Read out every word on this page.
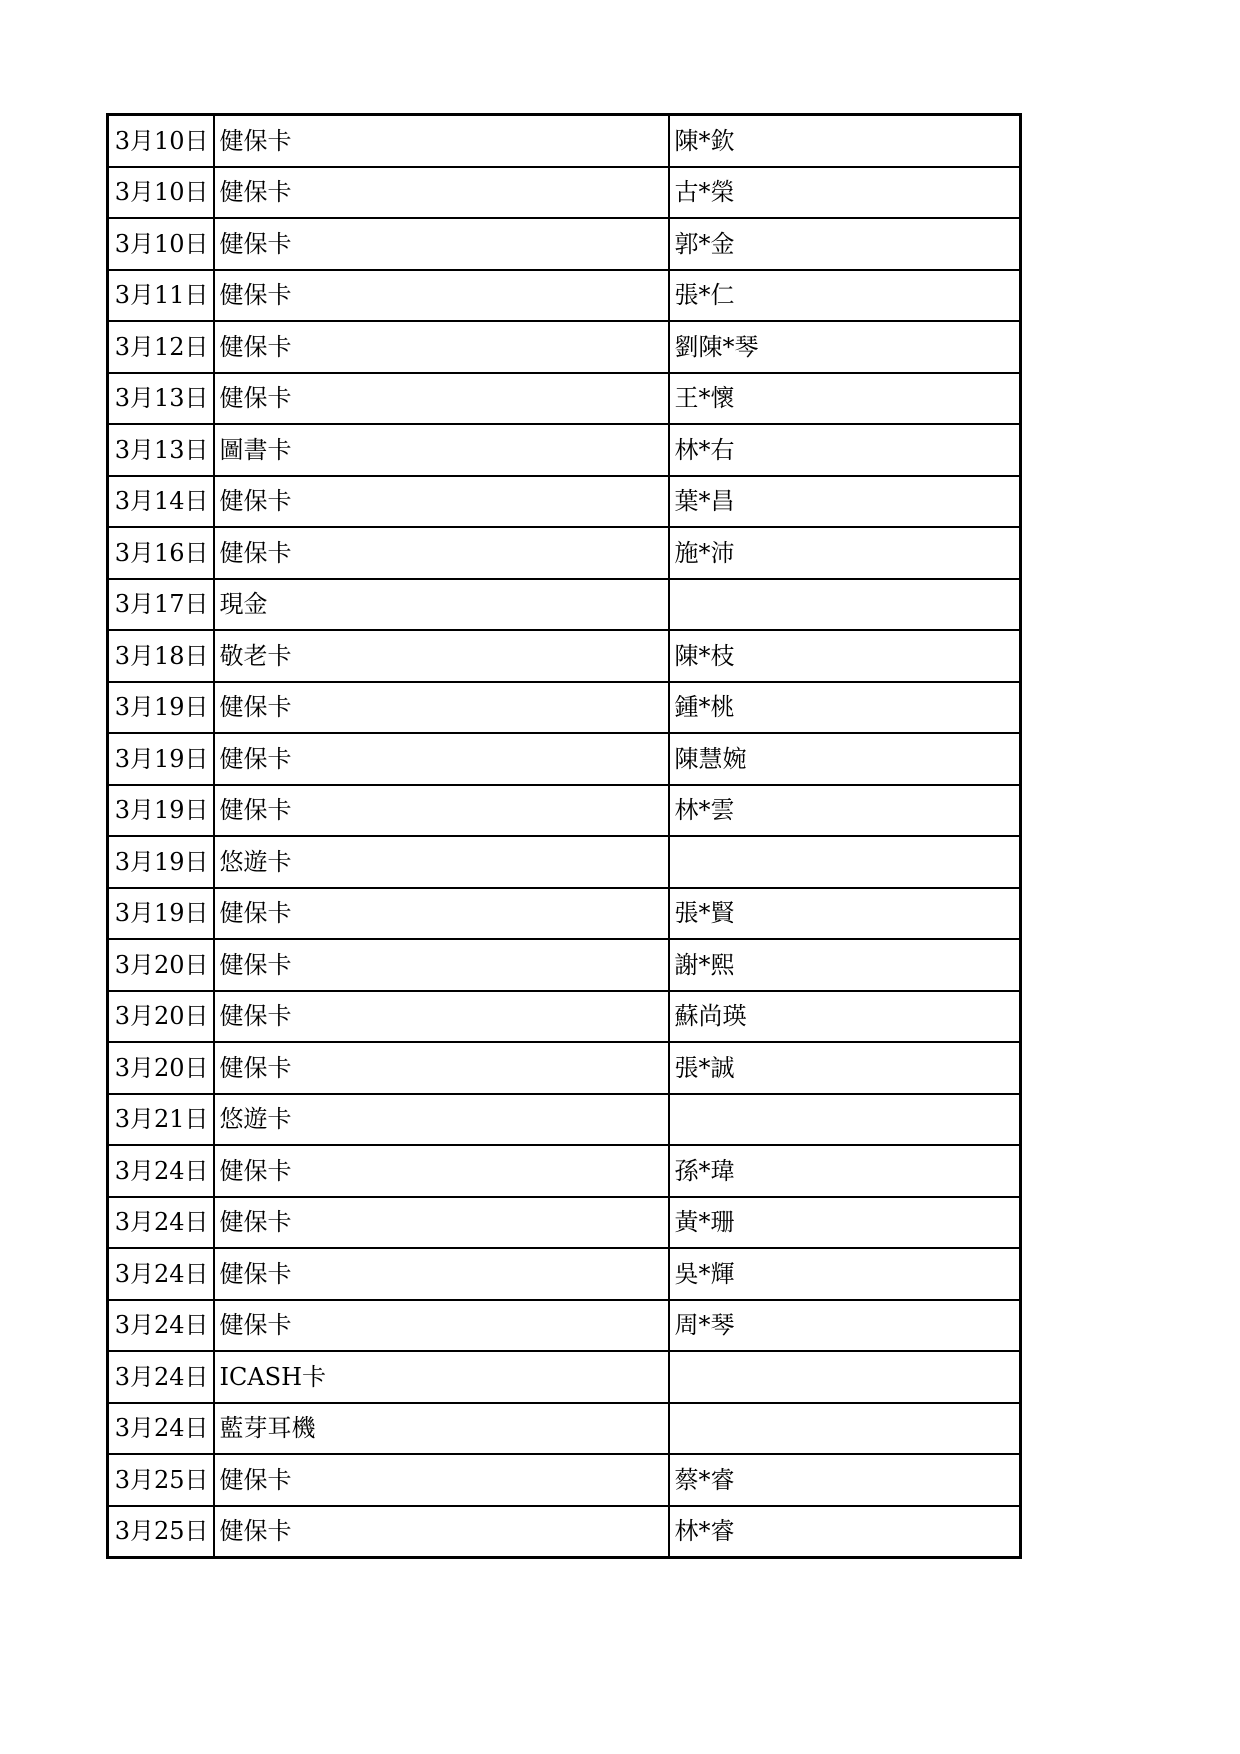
3月10日	健保卡	陳*欽
3月10日	健保卡	古*榮
3月10日	健保卡	郭*金
3月11日	健保卡	張*仁
3月12日	健保卡	劉陳*琴
3月13日	健保卡	王*懷
3月13日	圖書卡	林*右
3月14日	健保卡	葉*昌
3月16日	健保卡	施*沛
3月17日	現金	
3月18日	敬老卡	陳*枝
3月19日	健保卡	鍾*桃
3月19日	健保卡	陳慧婉
3月19日	健保卡	林*雲
3月19日	悠遊卡	
3月19日	健保卡	張*賢
3月20日	健保卡	謝*熙
3月20日	健保卡	蘇尚瑛
3月20日	健保卡	張*誠
3月21日	悠遊卡	
3月24日	健保卡	孫*瑋
3月24日	健保卡	黃*珊
3月24日	健保卡	吳*輝
3月24日	健保卡	周*琴
3月24日	ICASH卡	
3月24日	藍芽耳機	
3月25日	健保卡	蔡*睿
3月25日	健保卡	林*睿
